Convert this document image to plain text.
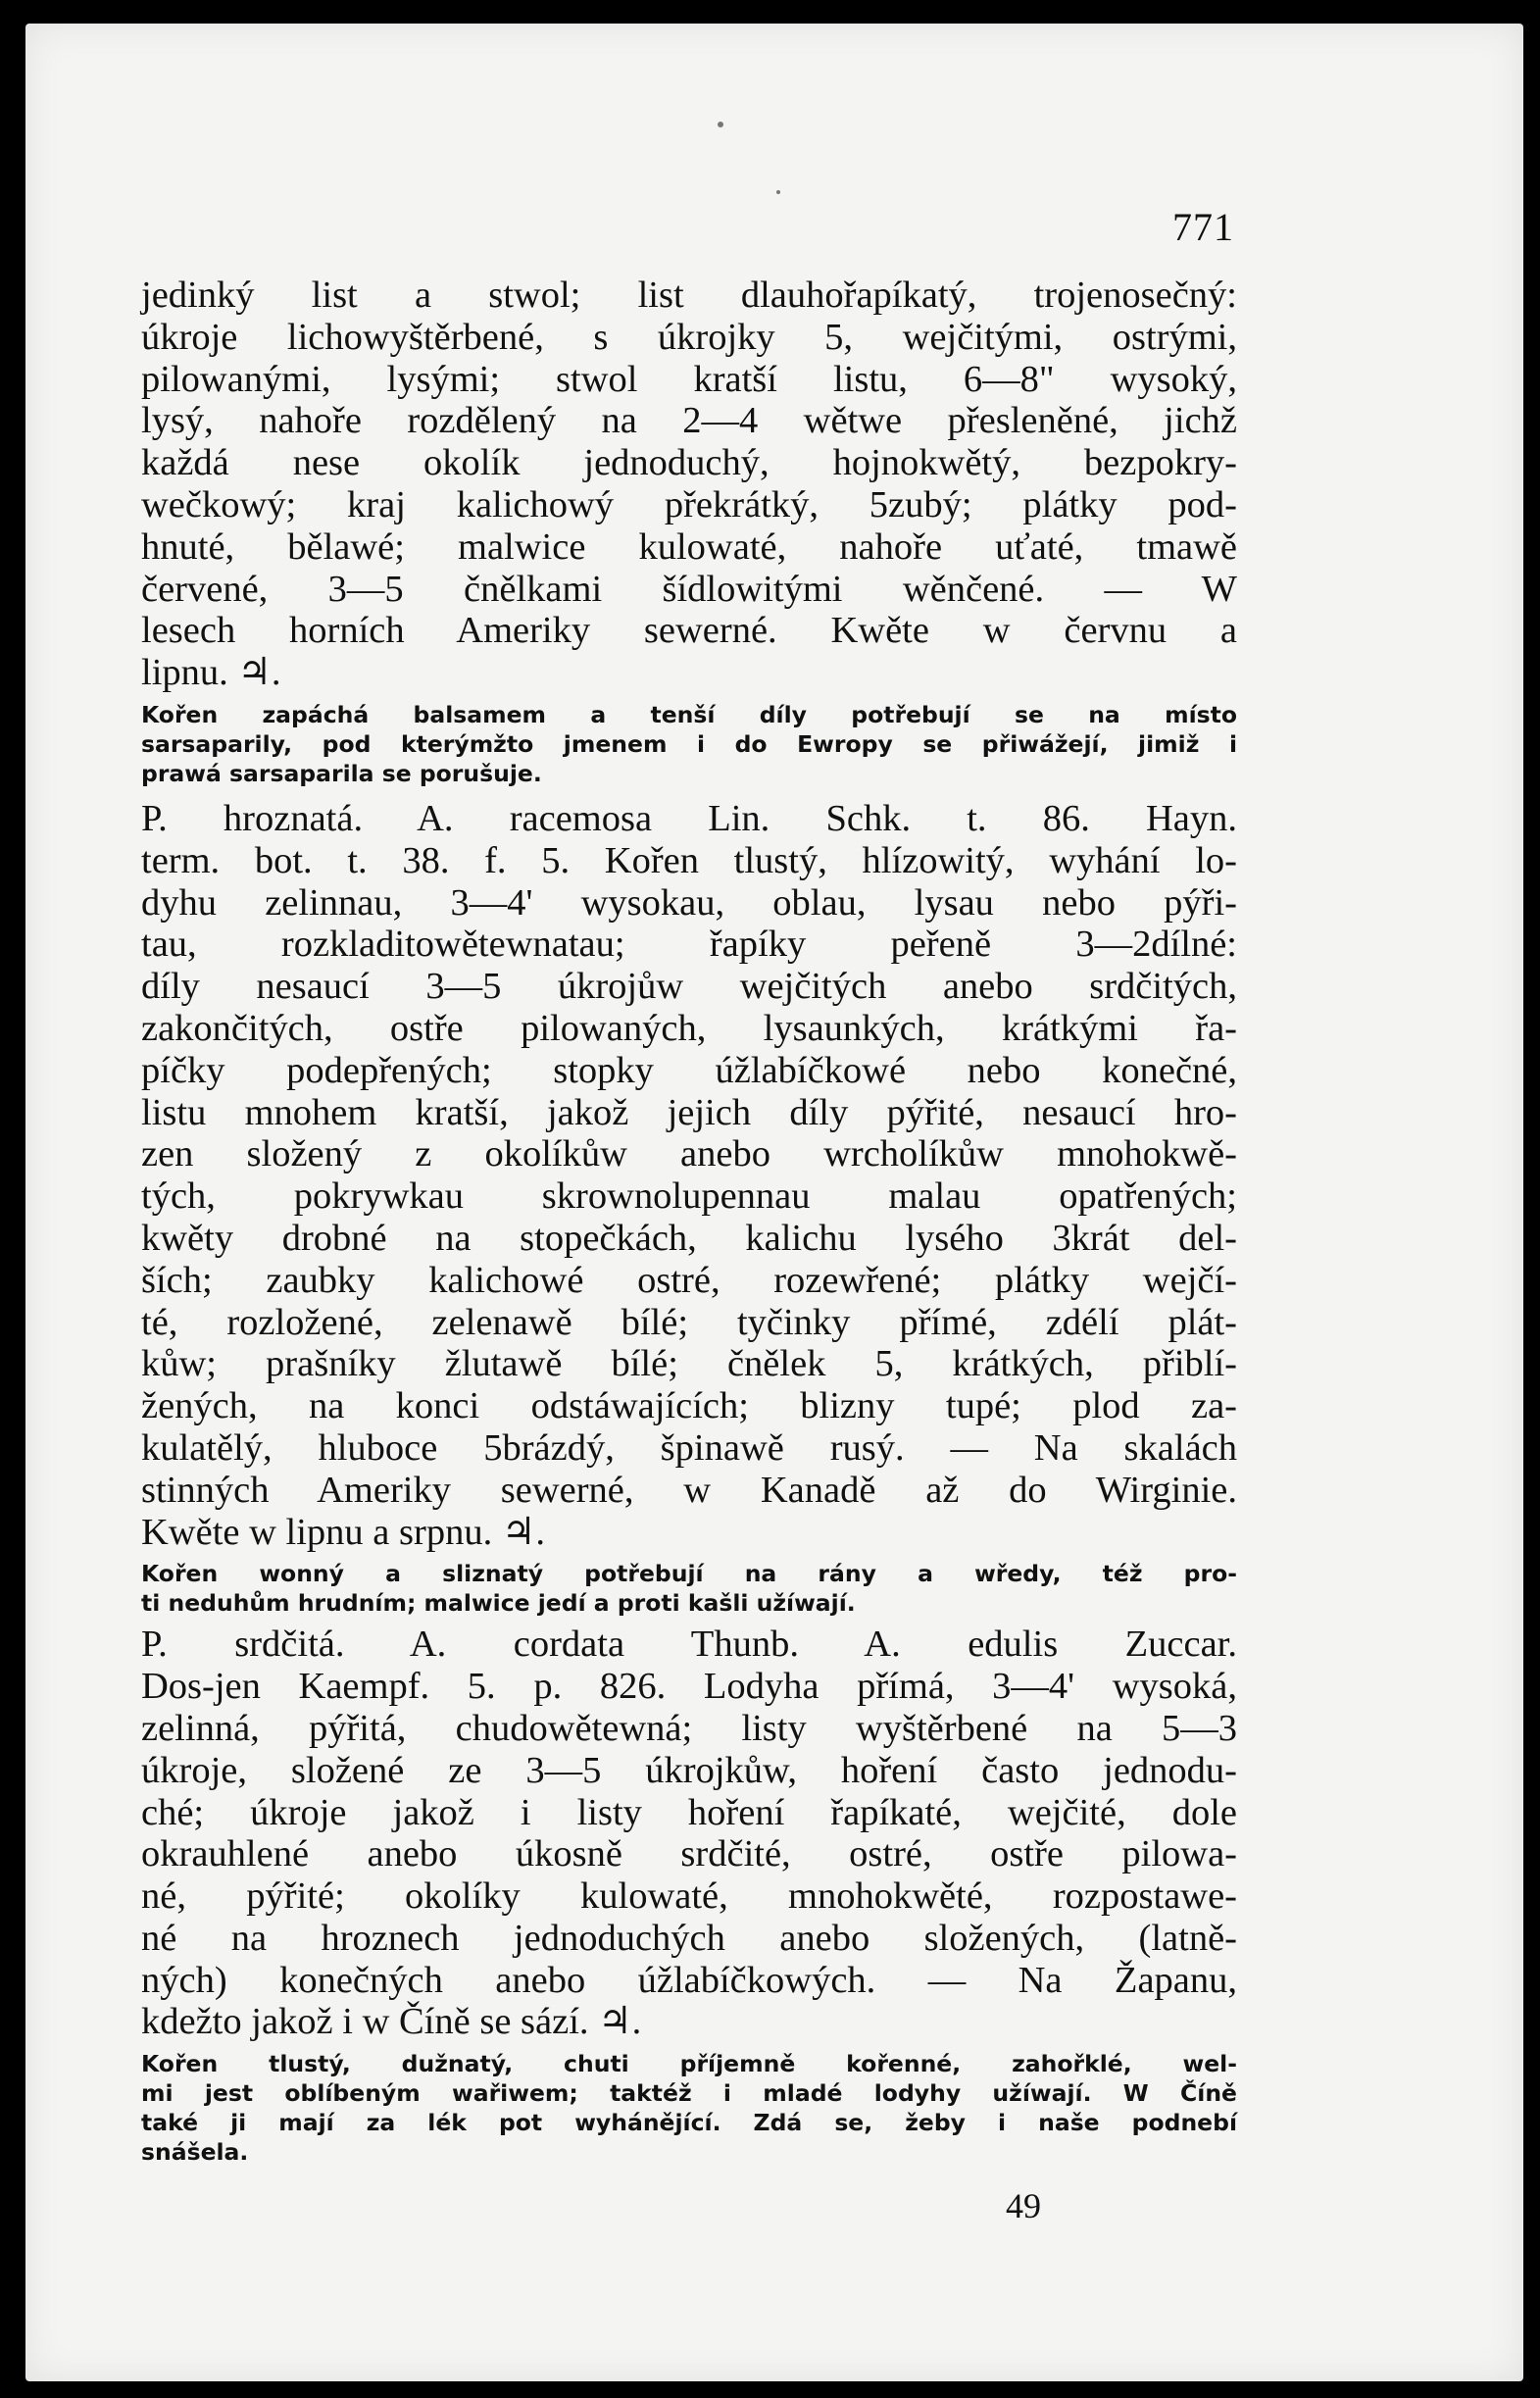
771
jedinký list a stwol; list dlauhořapíkatý, trojenosečný:
úkroje lichowyštěrbené, s úkrojky 5, wejčitými, ostrými,
pilowanými, lysými; stwol kratší listu, 6—8" wysoký,
lysý, nahoře rozdělený na 2—4 wětwe přesleněné, jichž
každá nese okolík jednoduchý, hojnokwětý, bezpokry-
wečkowý; kraj kalichowý překrátký, 5zubý; plátky pod-
hnuté, bělawé; malwice kulowaté, nahoře uťaté, tmawě
červené, 3—5 čnělkami šídlowitými wěnčené. — W
lesech horních Ameriky sewerné. Kwěte w červnu a
lipnu. ♃.
Kořen zapáchá balsamem a tenší díly potřebují se na místo
sarsaparily, pod kterýmžto jmenem i do Ewropy se přiwážejí, jimiž i
prawá sarsaparila se porušuje.
P. hroznatá. A. racemosa Lin. Schk. t. 86. Hayn.
term. bot. t. 38. f. 5. Kořen tlustý, hlízowitý, wyhání lo-
dyhu zelinnau, 3—4' wysokau, oblau, lysau nebo pýři-
tau, rozkladitowětewnatau; řapíky peřeně 3—2dílné:
díly nesaucí 3—5 úkrojůw wejčitých anebo srdčitých,
zakončitých, ostře pilowaných, lysaunkých, krátkými řa-
píčky podepřených; stopky úžlabíčkowé nebo konečné,
listu mnohem kratší, jakož jejich díly pýřité, nesaucí hro-
zen složený z okolíkůw anebo wrcholíkůw mnohokwě-
tých, pokrywkau skrownolupennau malau opatřených;
kwěty drobné na stopečkách, kalichu lysého 3krát del-
ších; zaubky kalichowé ostré, rozewřené; plátky wejčí-
té, rozložené, zelenawě bílé; tyčinky přímé, zdélí plát-
kůw; prašníky žlutawě bílé; čnělek 5, krátkých, přiblí-
žených, na konci odstáwajících; blizny tupé; plod za-
kulatělý, hluboce 5brázdý, špinawě rusý. — Na skalách
stinných Ameriky sewerné, w Kanadě až do Wirginie.
Kwěte w lipnu a srpnu. ♃.
Kořen wonný a sliznatý potřebují na rány a wředy, též pro-
ti neduhům hrudním; malwice jedí a proti kašli užíwají.
P. srdčitá. A. cordata Thunb. A. edulis Zuccar.
Dos-jen Kaempf. 5. p. 826. Lodyha přímá, 3—4' wysoká,
zelinná, pýřitá, chudowětewná; listy wyštěrbené na 5—3
úkroje, složené ze 3—5 úkrojkůw, hoření často jednodu-
ché; úkroje jakož i listy hoření řapíkaté, wejčité, dole
okrauhlené anebo úkosně srdčité, ostré, ostře pilowa-
né, pýřité; okolíky kulowaté, mnohokwěté, rozpostawe-
né na hroznech jednoduchých anebo složených, (latně-
ných) konečných anebo úžlabíčkowých. — Na Žapanu,
kdežto jakož i w Číně se sází. ♃.
Kořen tlustý, dužnatý, chuti příjemně kořenné, zahořklé, wel-
mi jest oblíbeným wařiwem; taktéž i mladé lodyhy užíwají. W Číně
také ji mají za lék pot wyhánějící. Zdá se, žeby i naše podnebí
snášela.
49
